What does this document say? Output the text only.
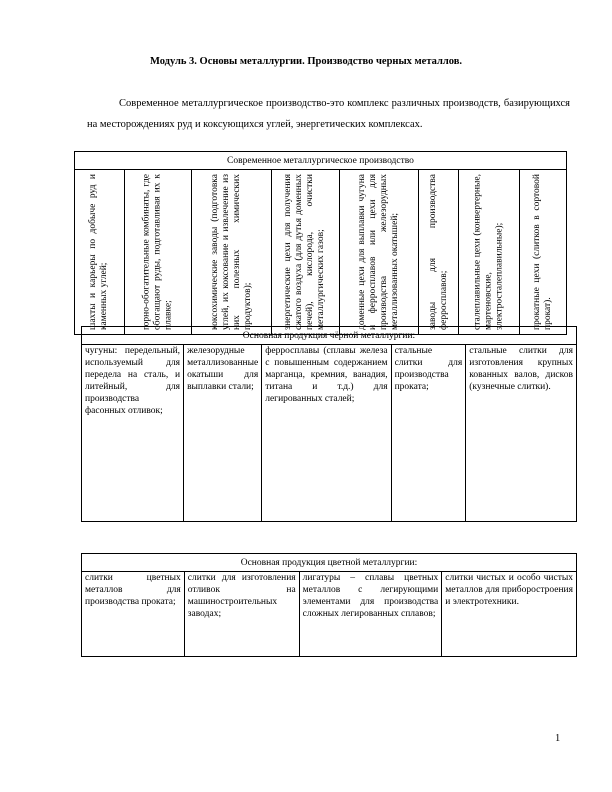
Модуль 3. Основы металлургии. Производство черных металлов.
Современное металлургическое производство-это комплекс различных производств, базирующихся на месторождениях руд и коксующихся углей, энергетических комплексах.
Современное металлургическое производство

шахты и карьеры по добыче руд и каменных углей;	горно-обогатительные комбинаты, где обогащают руды, подготавливая их к плавке;	коксохимические заводы (подготовка углей, их коксование и извлечение из них полезных химических продуктов);	энергетические цехи для получения сжатого воздуха (для дутья доменных печей), кислорода, очистки металлургических газов;	доменные цехи для выплавки чугуна и ферросплавов или цехи для производства железорудных металлизованных окатышей;	заводы для производства ферросплавов;	сталеплавильные цехи (конвертерные, мартеновские, электросталеплавильные);	прокатные цехи (слитков в сортовой прокат).
Основная продукция чёрной металлургии:
чугуны: передельный, используемый для передела на сталь, и литейный, для производства фасонных отливок;	железорудные металлизованные окатыши для выплавки стали;	ферросплавы (сплавы железа с повышенным содержанием марганца, кремния, ванадия, титана и т.д.) для легированных сталей;	стальные слитки для производства проката;	стальные слитки для изготовления крупных кованных валов, дисков (кузнечные слитки).
Основная продукция цветной металлургии:
слитки цветных металлов для производства проката;	слитки для изготовления отливок на машиностроительных заводах;	лигатуры – сплавы цветных металлов с легирующими элементами для производства сложных легированных сплавов;	слитки чистых и особо чистых металлов для приборостроения и электротехники.
1
